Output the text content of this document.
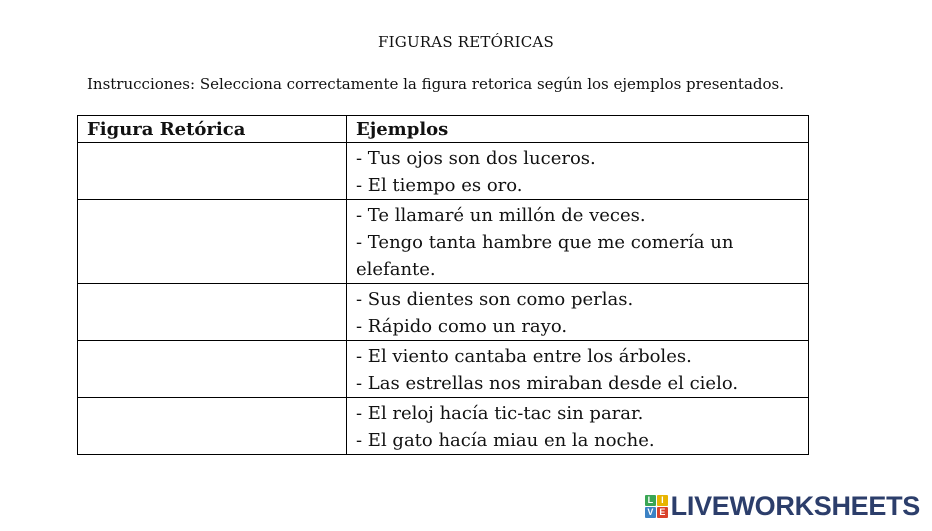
FIGURAS RETÓRICAS
Instrucciones: Selecciona correctamente la figura retorica según los ejemplos presentados.
Figura Retórica	Ejemplos

	- Tus ojos son dos luceros.
- El tiempo es oro.

	- Te llamaré un millón de veces.
- Tengo tanta hambre que me comería un elefante.

	- Sus dientes son como perlas.
- Rápido como un rayo.

	- El viento cantaba entre los árboles.
- Las estrellas nos miraban desde el cielo.

	- El reloj hacía tic-tac sin parar.
- El gato hacía miau en la noche.
L I
V E LIVEWORKSHEETS
